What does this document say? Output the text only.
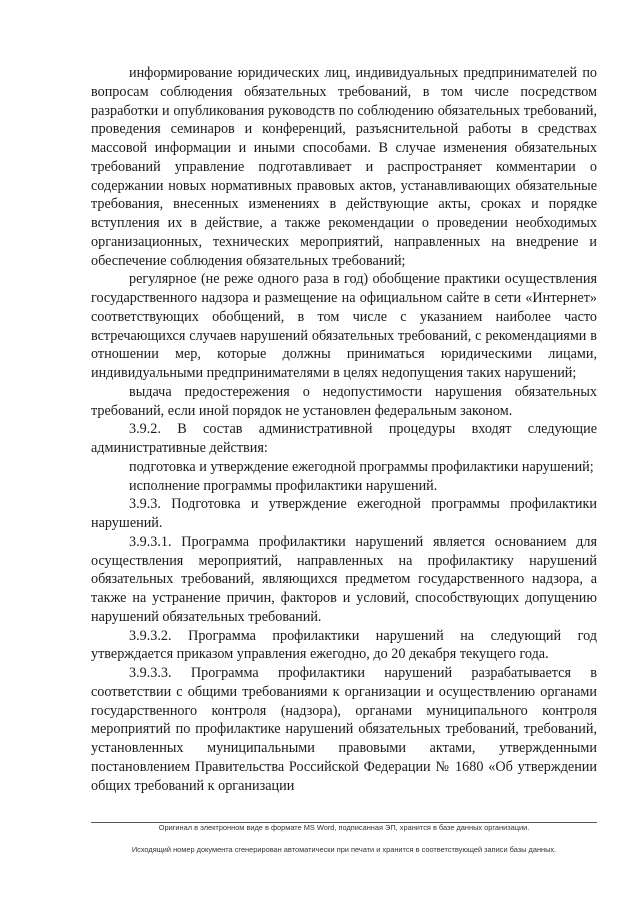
информирование юридических лиц, индивидуальных предпринимателей по вопросам соблюдения обязательных требований, в том числе посредством разработки и опубликования руководств по соблюдению обязательных требований, проведения семинаров и конференций, разъяснительной работы в средствах массовой информации и иными способами. В случае изменения обязательных требований управление подготавливает и распространяет комментарии о содержании новых нормативных правовых актов, устанавливающих обязательные требования, внесенных изменениях в действующие акты, сроках и порядке вступления их в действие, а также рекомендации о проведении необходимых организационных, технических мероприятий, направленных на внедрение и обеспечение соблюдения обязательных требований;

регулярное (не реже одного раза в год) обобщение практики осуществления государственного надзора и размещение на официальном сайте в сети «Интернет» соответствующих обобщений, в том числе с указанием наиболее часто встречающихся случаев нарушений обязательных требований, с рекомендациями в отношении мер, которые должны приниматься юридическими лицами, индивидуальными предпринимателями в целях недопущения таких нарушений;

выдача предостережения о недопустимости нарушения обязательных требований, если иной порядок не установлен федеральным законом.

3.9.2. В состав административной процедуры входят следующие административные действия:

подготовка и утверждение ежегодной программы профилактики нарушений;

исполнение программы профилактики нарушений.

3.9.3. Подготовка и утверждение ежегодной программы профилактики нарушений.

3.9.3.1. Программа профилактики нарушений является основанием для осуществления мероприятий, направленных на профилактику нарушений обязательных требований, являющихся предметом государственного надзора, а также на устранение причин, факторов и условий, способствующих допущению нарушений обязательных требований.

3.9.3.2. Программа профилактики нарушений на следующий год утверждается приказом управления ежегодно, до 20 декабря текущего года.

3.9.3.3. Программа профилактики нарушений разрабатывается в соответствии с общими требованиями к организации и осуществлению органами государственного контроля (надзора), органами муниципального контроля мероприятий по профилактике нарушений обязательных требований, требований, установленных муниципальными правовыми актами, утвержденными постановлением Правительства Российской Федерации № 1680 «Об утверждении общих требований к организации

Оригинал в электронном виде в формате MS Word, подписанная ЭП, хранится в базе данных организации.
Исходящий номер документа сгенерирован автоматически при печати и хранится в соответствующей записи базы данных.
